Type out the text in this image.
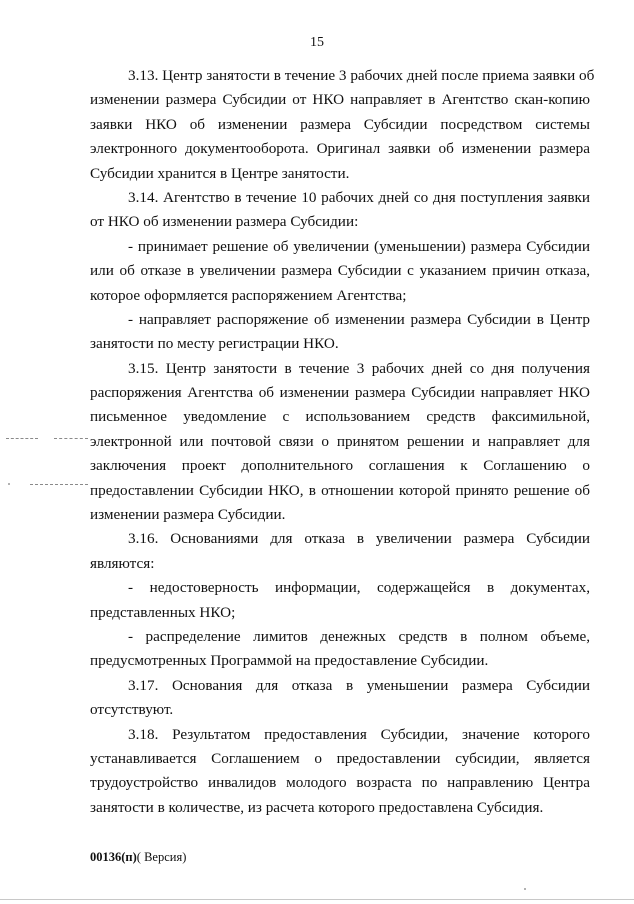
15
3.13. Центр занятости в течение 3 рабочих дней после приема заявки об
изменении размера Субсидии от НКО направляет в Агентство скан-копию
заявки НКО об изменении размера Субсидии посредством системы
электронного документооборота. Оригинал заявки об изменении размера
Субсидии хранится в Центре занятости.
3.14. Агентство в течение 10 рабочих дней со дня поступления заявки
от НКО об изменении размера Субсидии:
- принимает решение об увеличении (уменьшении) размера Субсидии
или об отказе в увеличении размера Субсидии с указанием причин отказа,
которое оформляется распоряжением Агентства;
- направляет распоряжение об изменении размера Субсидии в Центр
занятости по месту регистрации НКО.
3.15. Центр занятости в течение 3 рабочих дней со дня получения
распоряжения Агентства об изменении размера Субсидии направляет НКО
письменное уведомление с использованием средств факсимильной,
электронной или почтовой связи о принятом решении и направляет для
заключения проект дополнительного соглашения к Соглашению о
предоставлении Субсидии НКО, в отношении которой принято решение об
изменении размера Субсидии.
3.16. Основаниями для отказа в увеличении размера Субсидии
являются:
- недостоверность информации, содержащейся в документах,
представленных НКО;
- распределение лимитов денежных средств в полном объеме,
предусмотренных Программой на предоставление Субсидии.
3.17. Основания для отказа в уменьшении размера Субсидии
отсутствуют.
3.18. Результатом предоставления Субсидии, значение которого
устанавливается Соглашением о предоставлении субсидии, является
трудоустройство инвалидов молодого возраста по направлению Центра
занятости в количестве, из расчета которого предоставлена Субсидия.
00136(п)( Версия)
